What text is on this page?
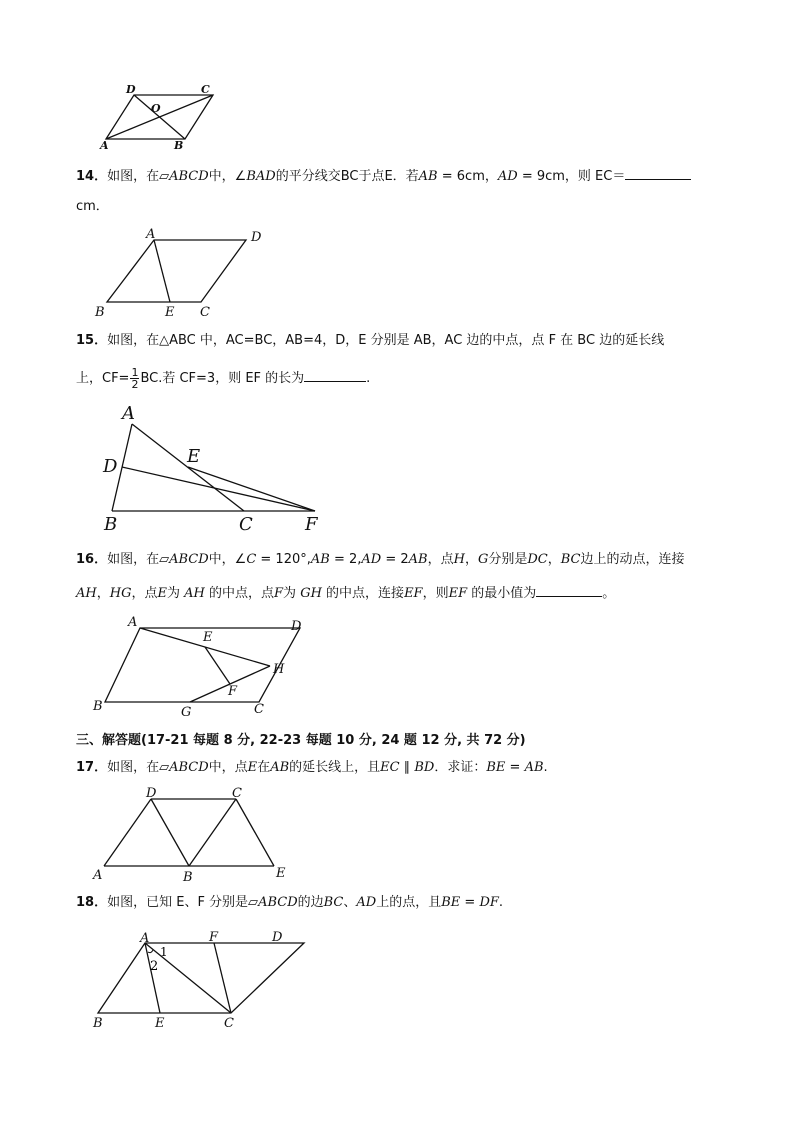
D	C
O
A	B
14．如图，在▱ABCD中，∠BAD的平分线交BC于点E．若AB = 6cm，AD = 9cm，则 EC＝
cm．
A	D
B	E C
15．如图，在△ABC 中，AC=BC，AB=4，D，E 分别是 AB，AC 边的中点，点 F 在 BC 边的延长线
上，$CF= \frac{1}{2}$ BC.若 CF=3，则 EF 的长为	.
A
D	E
B	C	F
16．如图，在▱ABCD中，∠C = 120°,AB = 2,AD = 2AB，点H，G分别是DC，BC边上的动点，连接
AH，HG，点E为 AH 的中点，点F为 GH 的中点，连接EF，则EF 的最小值为	。
A
E
D
H
F
B	G	C
三、解答题(17-21 每题 8 分, 22-23 每题 10 分, 24 题 12 分, 共 72 分)
17．如图，在▱ABCD中，点E在AB的延长线上，且EC ∥ BD．求证：BE = AB.
D	C
A	B	E
18．如图，已知 E、F 分别是▱ABCD的边BC、AD上的点，且BE = DF.
A	F	D
1
2
B	E	C
